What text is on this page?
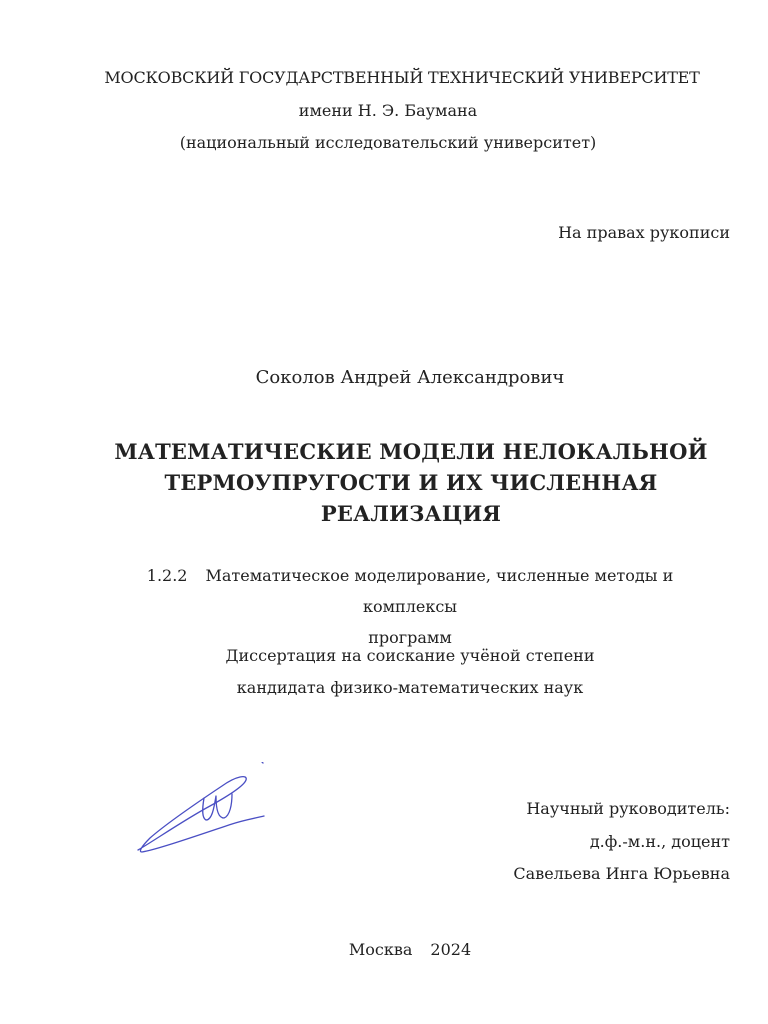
МОСКОВСКИЙ ГОСУДАРСТВЕННЫЙ ТЕХНИЧЕСКИЙ УНИВЕРСИТЕТ
имени Н. Э. Баумана
(национальный исследовательский университет)
На правах рукописи
Соколов Андрей Александрович
МАТЕМАТИЧЕСКИЕ МОДЕЛИ НЕЛОКАЛЬНОЙ
ТЕРМОУПРУГОСТИ И ИХ ЧИСЛЕННАЯ
РЕАЛИЗАЦИЯ
1.2.2 Математическое моделирование, численные методы и комплексы
программ
Диссертация на соискание учёной степени
кандидата физико-математических наук
Научный руководитель:
д.ф.-м.н., доцент
Савельева Инга Юрьевна
Москва 2024
